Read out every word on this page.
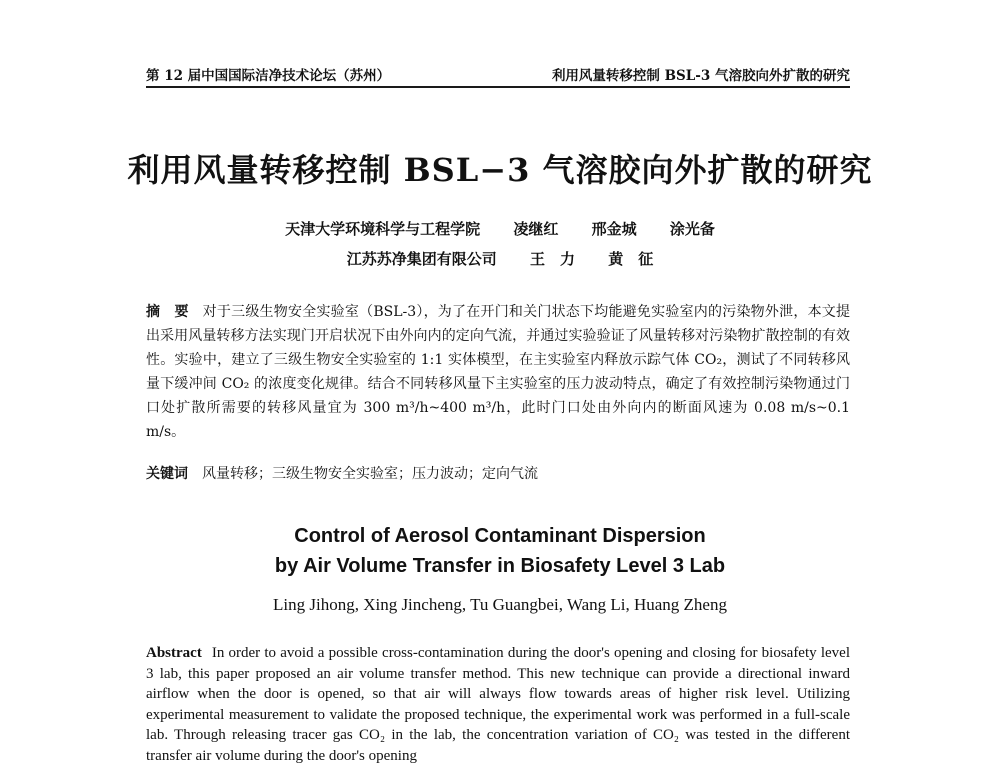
第 12 届中国国际洁净技术论坛（苏州）	利用风量转移控制 BSL-3 气溶胶向外扩散的研究
利用风量转移控制 BSL−3 气溶胶向外扩散的研究
天津大学环境科学与工程学院 凌继红 邢金城 涂光备
江苏苏净集团有限公司 王　力 黄　征
摘　要 对于三级生物安全实验室（BSL-3），为了在开门和关门状态下均能避免实验室内的污染物外泄，本文提出采用风量转移方法实现门开启状况下由外向内的定向气流，并通过实验验证了风量转移对污染物扩散控制的有效性。实验中，建立了三级生物安全实验室的 1:1 实体模型，在主实验室内释放示踪气体 CO₂，测试了不同转移风量下缓冲间 CO₂ 的浓度变化规律。结合不同转移风量下主实验室的压力波动特点，确定了有效控制污染物通过门口处扩散所需要的转移风量宜为 300 m³/h~400 m³/h，此时门口处由外向内的断面风速为 0.08 m/s~0.1 m/s。
关键词 风量转移；三级生物安全实验室；压力波动；定向气流
Control of Aerosol Contaminant Dispersion
by Air Volume Transfer in Biosafety Level 3 Lab
Ling Jihong, Xing Jincheng, Tu Guangbei, Wang Li, Huang Zheng
Abstract In order to avoid a possible cross-contamination during the door's opening and closing for biosafety level 3 lab, this paper proposed an air volume transfer method. This new technique can provide a directional inward airflow when the door is opened, so that air will always flow towards areas of higher risk level. Utilizing experimental measurement to validate the proposed technique, the experimental work was performed in a full-scale lab. Through releasing tracer gas CO₂ in the lab, the concentration variation of CO₂ was tested in the different transfer air volume during the door's opening
